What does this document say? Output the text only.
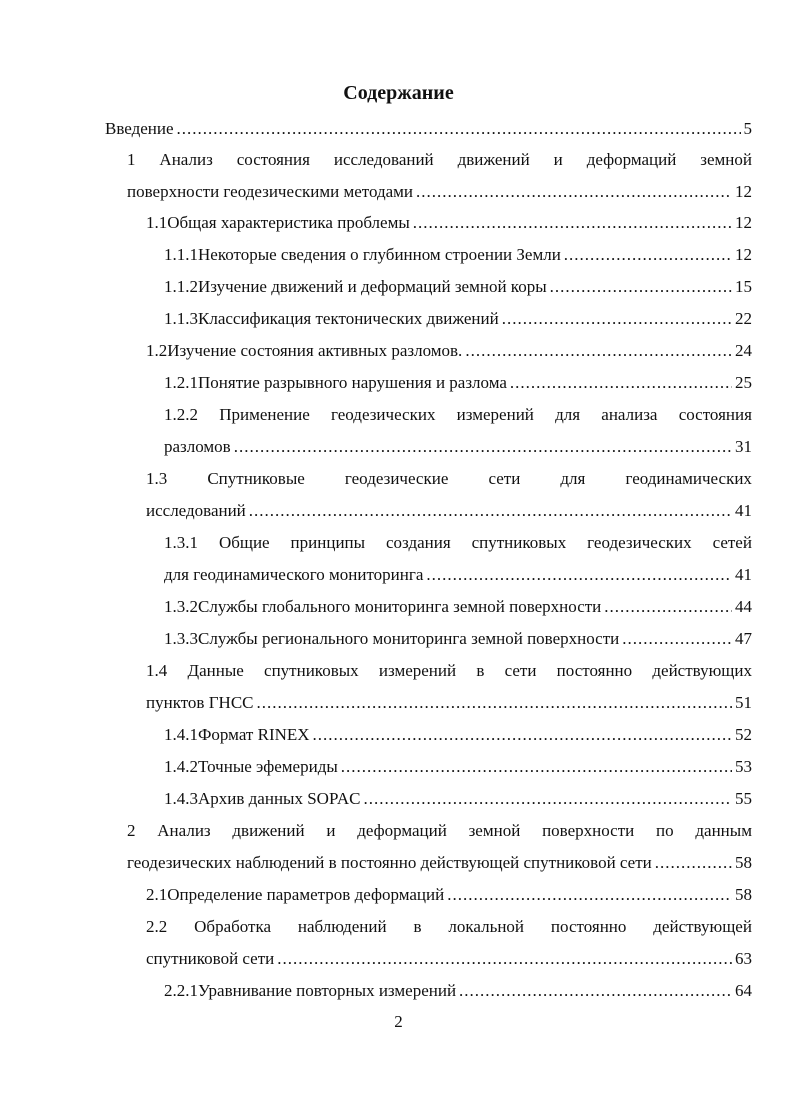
Содержание
Введение .....	5
1 Анализ состояния исследований движений и деформаций земной
поверхности геодезическими методами .....	12
1.1 Общая характеристика проблемы .....	12
1.1.1 Некоторые сведения о глубинном строении Земли .....	12
1.1.2 Изучение движений и деформаций земной коры .....	15
1.1.3 Классификация тектонических движений .....	22
1.2 Изучение состояния активных разломов. .....	24
1.2.1 Понятие разрывного нарушения и разлома .....	25
1.2.2 Применение геодезических измерений для анализа состояния
разломов .....	31
1.3 Спутниковые геодезические сети для геодинамических
исследований .....	41
1.3.1 Общие принципы создания спутниковых геодезических сетей
для геодинамического мониторинга .....	41
1.3.2 Службы глобального мониторинга земной поверхности .....	44
1.3.3 Службы регионального мониторинга земной поверхности .....	47
1.4 Данные спутниковых измерений в сети постоянно действующих
пунктов ГНСС .....	51
1.4.1 Формат RINEX .....	52
1.4.2 Точные эфемериды .....	53
1.4.3 Архив данных SOPAC .....	55
2 Анализ движений и деформаций земной поверхности по данным
геодезических наблюдений в постоянно действующей спутниковой сети .....	58
2.1 Определение параметров деформаций .....	58
2.2 Обработка наблюдений в локальной постоянно действующей
спутниковой сети .....	63
2.2.1 Уравнивание повторных измерений .....	64
2
